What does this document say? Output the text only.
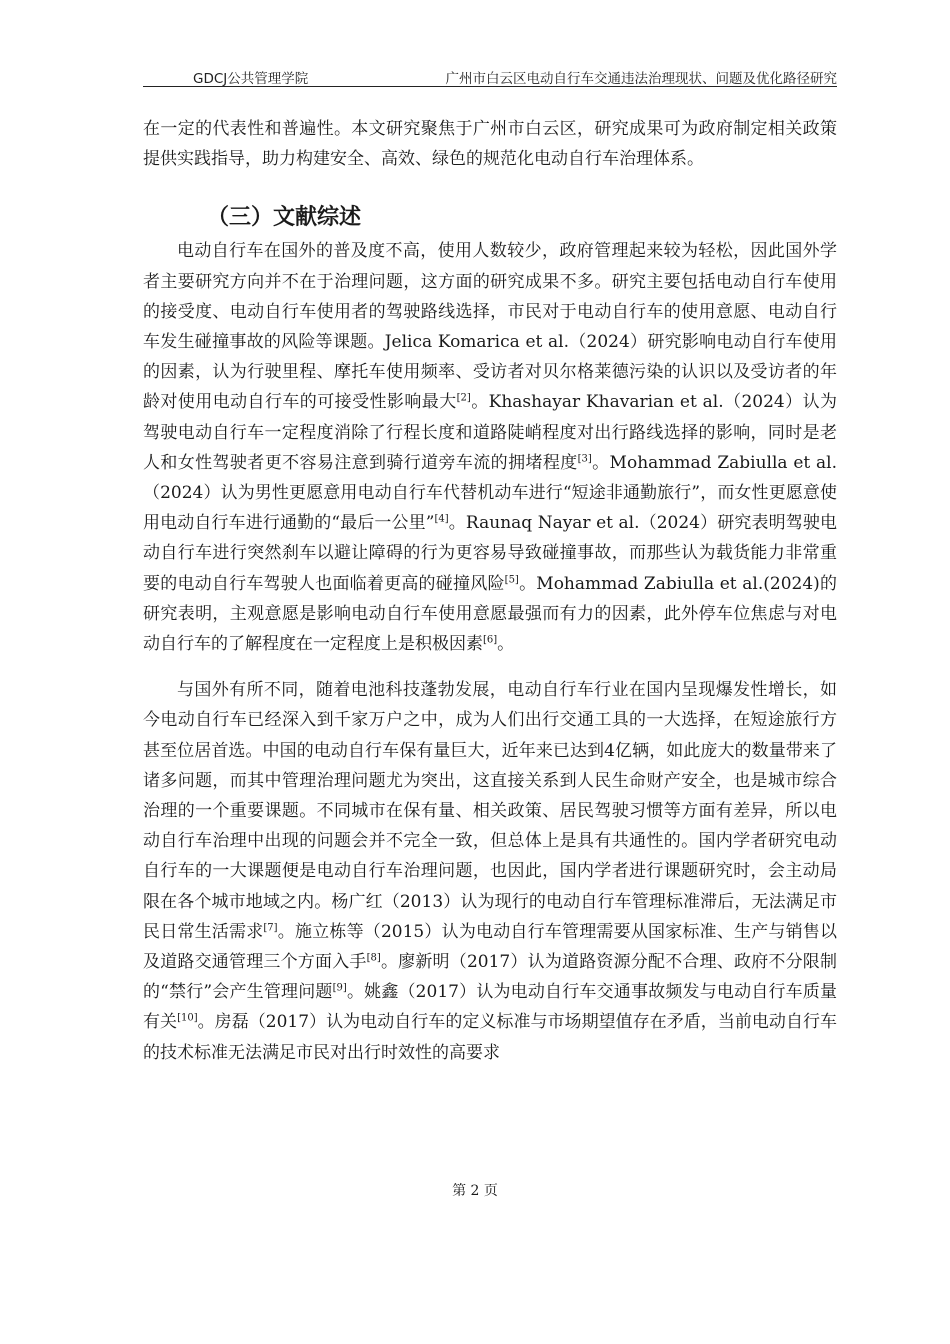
GDCJ公共管理学院	广州市白云区电动自行车交通违法治理现状、问题及优化路径研究

在一定的代表性和普遍性。本文研究聚焦于广州市白云区，研究成果可为政府制定相关政策提供实践指导，助力构建安全、高效、绿色的规范化电动自行车治理体系。

（三）文献综述

电动自行车在国外的普及度不高，使用人数较少，政府管理起来较为轻松，因此国外学者主要研究方向并不在于治理问题，这方面的研究成果不多。研究主要包括电动自行车使用的接受度、电动自行车使用者的驾驶路线选择，市民对于电动自行车的使用意愿、电动自行车发生碰撞事故的风险等课题。Jelica Komarica et al.（2024）研究影响电动自行车使用的因素，认为行驶里程、摩托车使用频率、受访者对贝尔格莱德污染的认识以及受访者的年龄对使用电动自行车的可接受性影响最大[2]。Khashayar Khavarian et al.（2024）认为驾驶电动自行车一定程度消除了行程长度和道路陡峭程度对出行路线选择的影响，同时是老人和女性驾驶者更不容易注意到骑行道旁车流的拥堵程度[3]。Mohammad Zabiulla et al.（2024）认为男性更愿意用电动自行车代替机动车进行“短途非通勤旅行”，而女性更愿意使用电动自行车进行通勤的“最后一公里”[4]。Raunaq Nayar et al.（2024）研究表明驾驶电动自行车进行突然刹车以避让障碍的行为更容易导致碰撞事故，而那些认为载货能力非常重要的电动自行车驾驶人也面临着更高的碰撞风险[5]。Mohammad Zabiulla et al.(2024)的研究表明，主观意愿是影响电动自行车使用意愿最强而有力的因素，此外停车位焦虑与对电动自行车的了解程度在一定程度上是积极因素[6]。

与国外有所不同，随着电池科技蓬勃发展，电动自行车行业在国内呈现爆发性增长，如今电动自行车已经深入到千家万户之中，成为人们出行交通工具的一大选择，在短途旅行方甚至位居首选。中国的电动自行车保有量巨大，近年来已达到4亿辆，如此庞大的数量带来了诸多问题，而其中管理治理问题尤为突出，这直接关系到人民生命财产安全，也是城市综合治理的一个重要课题。不同城市在保有量、相关政策、居民驾驶习惯等方面有差异，所以电动自行车治理中出现的问题会并不完全一致，但总体上是具有共通性的。国内学者研究电动自行车的一大课题便是电动自行车治理问题，也因此，国内学者进行课题研究时，会主动局限在各个城市地域之内。杨广红（2013）认为现行的电动自行车管理标准滞后，无法满足市民日常生活需求[7]。施立栋等（2015）认为电动自行车管理需要从国家标准、生产与销售以及道路交通管理三个方面入手[8]。廖新明（2017）认为道路资源分配不合理、政府不分限制的“禁行”会产生管理问题[9]。姚鑫（2017）认为电动自行车交通事故频发与电动自行车质量有关[10]。房磊（2017）认为电动自行车的定义标准与市场期望值存在矛盾，当前电动自行车的技术标准无法满足市民对出行时效性的高要求

第 2 页
